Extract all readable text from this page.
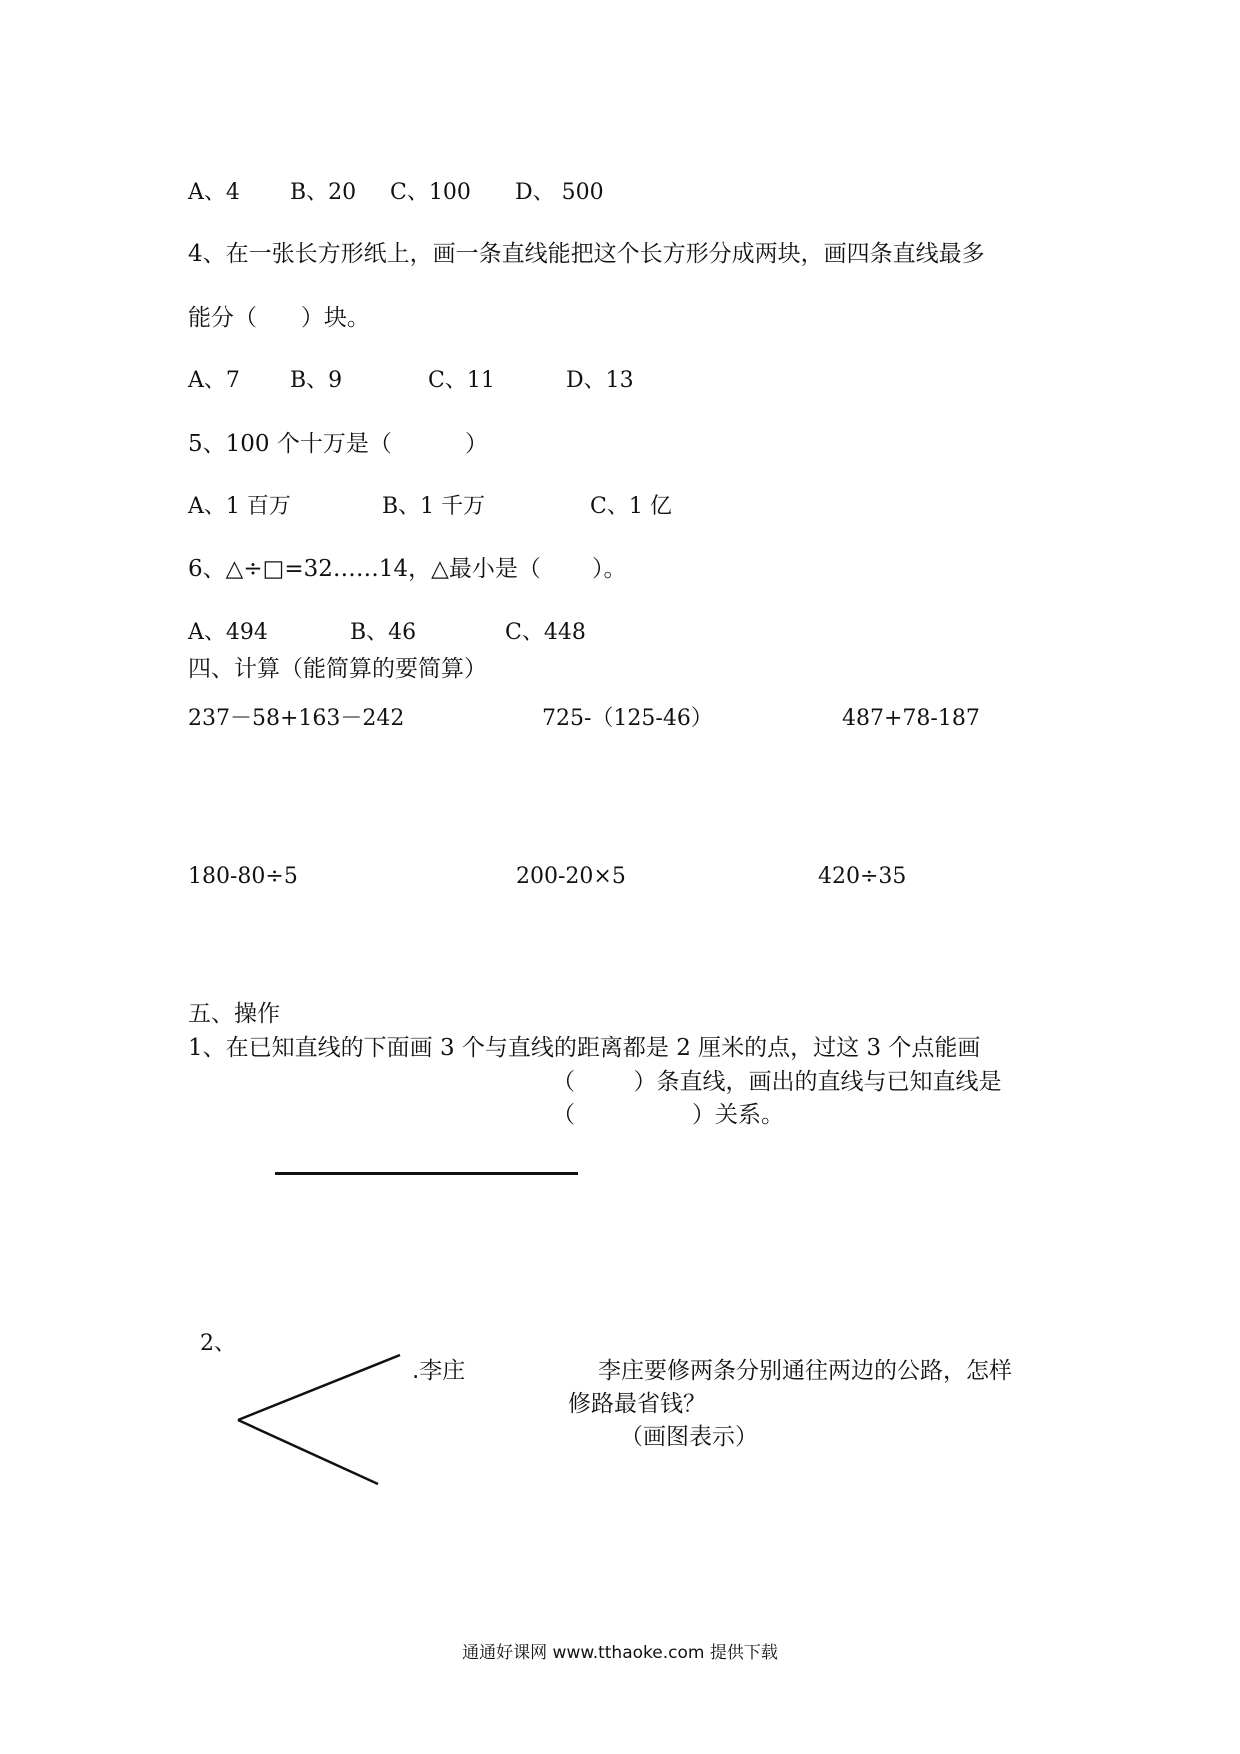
A、4 B、20 C、100 D、 500
4、在一张长方形纸上，画一条直线能把这个长方形分成两块，画四条直线最多
能分（      ）块。
A、7 B、9	C、11	D、13
5、100 个十万是（          ）
A、1 百万	B、1 千万	C、1 亿
6、△÷□=32……14，△最小是（       ）。
A、494	B、46	C、448
四、计算（能简算的要简算）
237－58+163－242	725-（125-46）	487+78-187
180-80÷5	200-20×5	420÷35
五、操作
1、在已知直线的下面画 3 个与直线的距离都是 2 厘米的点，过这 3 个点能画
（        ）条直线，画出的直线与已知直线是
（                ）关系。
2、
.李庄	李庄要修两条分别通往两边的公路，怎样
修路最省钱？
（画图表示）
通通好课网 www.tthaoke.com 提供下载
